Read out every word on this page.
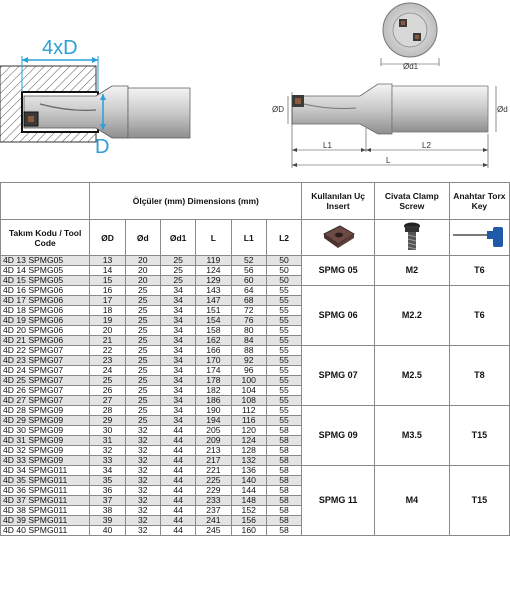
4xD
D
Ød1
ØD	Ød
L1	L2
L
	Ölçüler (mm) Dimensions (mm)						Kullanılan Uç Insert	Civata Clamp Screw	Anahtar Torx Key
Takım Kodu / Tool Code	ØD	Ød	Ød1	L	L1	L2			
4D 13 SPMG05	13	20	25	119	52	50	SPMG 05	M2	T6
4D 14 SPMG05	14	20	25	124	56	50			
4D 15 SPMG05	15	20	25	129	60	50			
4D 16 SPMG06	16	25	34	143	64	55	SPMG 06	M2.2	T6
4D 17 SPMG06	17	25	34	147	68	55			
4D 18 SPMG06	18	25	34	151	72	55			
4D 19 SPMG06	19	25	34	154	76	55			
4D 20 SPMG06	20	25	34	158	80	55			
4D 21 SPMG06	21	25	34	162	84	55			
4D 22 SPMG07	22	25	34	166	88	55	SPMG 07	M2.5	T8
4D 23 SPMG07	23	25	34	170	92	55			
4D 24 SPMG07	24	25	34	174	96	55			
4D 25 SPMG07	25	25	34	178	100	55			
4D 26 SPMG07	26	25	34	182	104	55			
4D 27 SPMG07	27	25	34	186	108	55			
4D 28 SPMG09	28	25	34	190	112	55	SPMG 09	M3.5	T15
4D 29 SPMG09	29	25	34	194	116	55			
4D 30 SPMG09	30	32	44	205	120	58			
4D 31 SPMG09	31	32	44	209	124	58			
4D 32 SPMG09	32	32	44	213	128	58			
4D 33 SPMG09	33	32	44	217	132	58			
4D 34 SPMG011	34	32	44	221	136	58	SPMG 11	M4	T15
4D 35 SPMG011	35	32	44	225	140	58			
4D 36 SPMG011	36	32	44	229	144	58			
4D 37 SPMG011	37	32	44	233	148	58			
4D 38 SPMG011	38	32	44	237	152	58			
4D 39 SPMG011	39	32	44	241	156	58			
4D 40 SPMG011	40	32	44	245	160	58			
